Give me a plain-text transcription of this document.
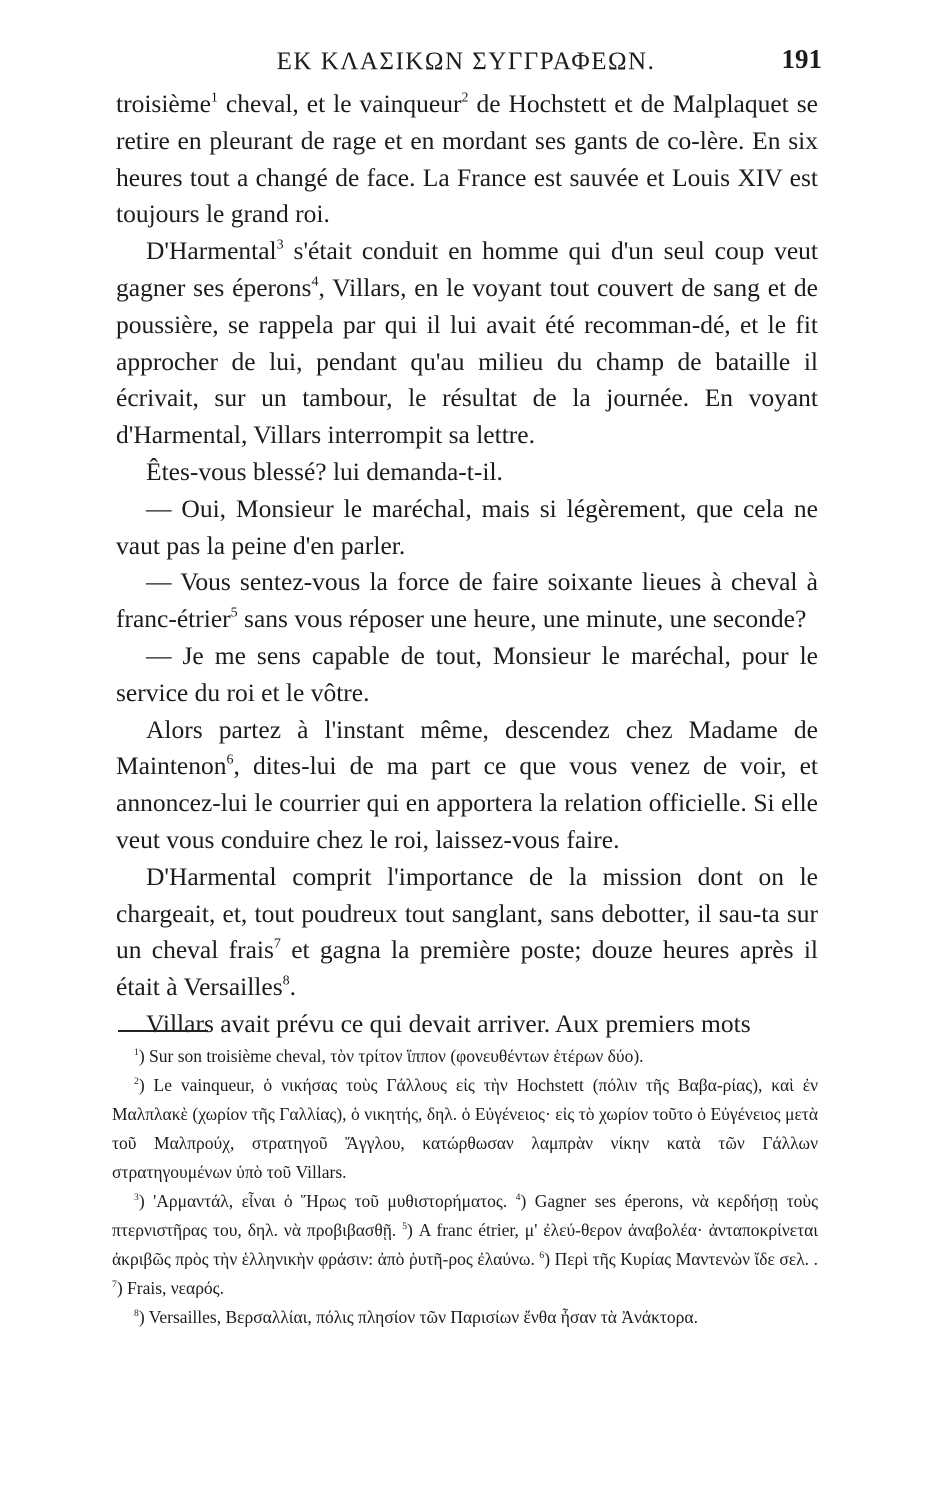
ΕΚ ΚΛΑΣΙΚΩΝ ΣΥΓΓΡΑΦΕΩΝ.	191

troisième$^1$ cheval, et le vainqueur$^2$ de Hochstett et de Malplaquet se retire en pleurant de rage et en mordant ses gants de co-lère. En six heures tout a changé de face. La France est sauvée et Louis XIV est toujours le grand roi.

D'Harmental$^3$ s'était conduit en homme qui d'un seul coup veut gagner ses éperons$^4$, Villars, en le voyant tout couvert de sang et de poussière, se rappela par qui il lui avait été recomman-dé, et le fit approcher de lui, pendant qu'au milieu du champ de bataille il écrivait, sur un tambour, le résultat de la journée. En voyant d'Harmental, Villars interrompit sa lettre.

Êtes-vous blessé? lui demanda-t-il.

— Oui, Monsieur le maréchal, mais si légèrement, que cela ne vaut pas la peine d'en parler.

— Vous sentez-vous la force de faire soixante lieues à cheval à franc-étrier$^5$ sans vous réposer une heure, une minute, une seconde?

— Je me sens capable de tout, Monsieur le maréchal, pour le service du roi et le vôtre.

Alors partez à l'instant même, descendez chez Madame de Maintenon$^6$, dites-lui de ma part ce que vous venez de voir, et annoncez-lui le courrier qui en apportera la relation officielle. Si elle veut vous conduire chez le roi, laissez-vous faire.

D'Harmental comprit l'importance de la mission dont on le chargeait, et, tout poudreux tout sanglant, sans debotter, il sau-ta sur un cheval frais$^7$ et gagna la première poste; douze heures après il était à Versailles$^8$.

Villars avait prévu ce qui devait arriver. Aux premiers mots

$^1$) Sur son troisième cheval, τὸν τρίτον ἵππον (φονευθέντων ἑτέρων δύο).

$^2$) Le vainqueur, ὁ νικήσας τοὺς Γάλλους εἰς τὴν Hochstett (πόλιν τῆς Βαβα-ρίας), καὶ ἐν Μαλπλακὲ (χωρίον τῆς Γαλλίας), ὁ νικητής, δηλ. ὁ Εὐγένειος· εἰς τὸ χωρίον τοῦτο ὁ Εὐγένειος μετὰ τοῦ Μαλπρούχ, στρατηγοῦ Ἄγγλου, κατώρθωσαν λαμπρὰν νίκην κατὰ τῶν Γάλλων στρατηγουμένων ὑπὸ τοῦ Villars.

$^3$) 'Αρμαντάλ, εἶναι ὁ Ἥρως τοῦ μυθιστορήματος. $^4$) Gagner ses éperons, νὰ κερδήσῃ τοὺς πτερνιστῆρας του, δηλ. νὰ προβιβασθῇ. $^5$) A franc étrier, μ' ἐλεύ-θερον ἀναβολέα· ἀνταποκρίνεται ἀκριβῶς πρὸς τὴν ἑλληνικὴν φράσιν: ἀπὸ ῥυτῆ-ρος ἐλαύνω. $^6$) Περὶ τῆς Κυρίας Μαντενὼν ἴδε σελ. . $^7$) Frais, νεαρός.

$^8$) Versailles, Βερσαλλίαι, πόλις πλησίον τῶν Παρισίων ἔνθα ἦσαν τὰ Ἀνάκτορα.
